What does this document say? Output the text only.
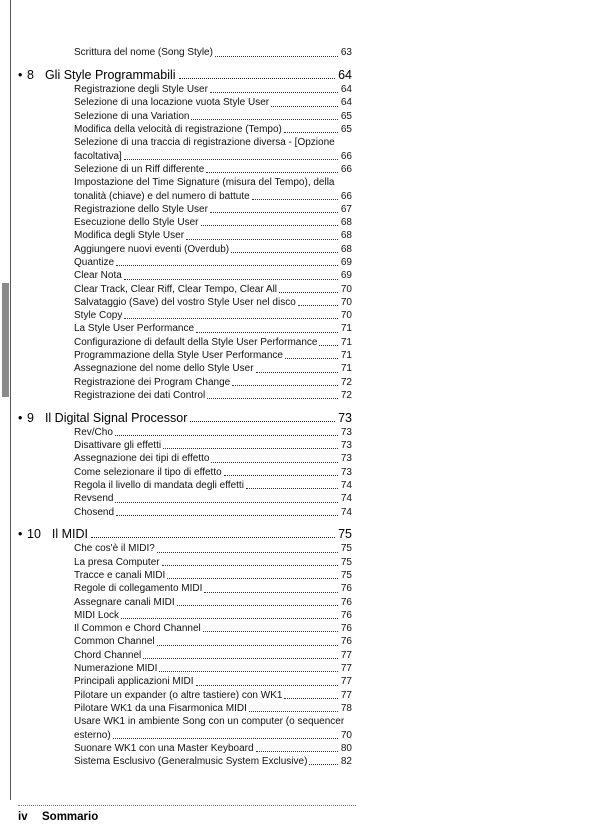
Scrittura del nome (Song Style)	63
• 8 Gli Style Programmabili	64
Registrazione degli Style User	64
Selezione di una locazione vuota Style User	64
Selezione di una Variation	65
Modifica della velocità di registrazione (Tempo)	65
Selezione di una traccia di registrazione diversa - [Opzione
facoltativa]	66
Selezione di un Riff differente	66
Impostazione del Time Signature (misura del Tempo), della
tonalità (chiave) e del numero di battute	66
Registrazione dello Style User	67
Esecuzione dello Style User	68
Modifica degli Style User	68
Aggiungere nuovi eventi (Overdub)	68
Quantize	69
Clear Nota	69
Clear Track, Clear Riff, Clear Tempo, Clear All	70
Salvataggio (Save) del vostro Style User nel disco	70
Style Copy	70
La Style User Performance	71
Configurazione di default della Style User Performance 71
Programmazione della Style User Performance	71
Assegnazione del nome dello Style User	71
Registrazione dei Program Change	72
Registrazione dei dati Control	72
• 9 Il Digital Signal Processor	73
Rev/Cho	73
Disattivare gli effetti	73
Assegnazione dei tipi di effetto	73
Come selezionare il tipo di effetto	73
Regola il livello di mandata degli effetti	74
Revsend	74
Chosend	74
• 10 Il MIDI	75
Che cos'è il MIDI?	75
La presa Computer	75
Tracce e canali MIDI	75
Regole di collegamento MIDI	76
Assegnare canali MIDI	76
MIDI Lock	76
Il Common e Chord Channel	76
Common Channel	76
Chord Channel	77
Numerazione MIDI	77
Principali applicazioni MIDI	77
Pilotare un expander (o altre tastiere) con WK1	77
Pilotare WK1 da una Fisarmonica MIDI	78
Usare WK1 in ambiente Song con un computer (o sequencer
esterno)	70
Suonare WK1 con una Master Keyboard	80
Sistema Esclusivo (Generalmusic System Exclusive)	82
iv Sommario
